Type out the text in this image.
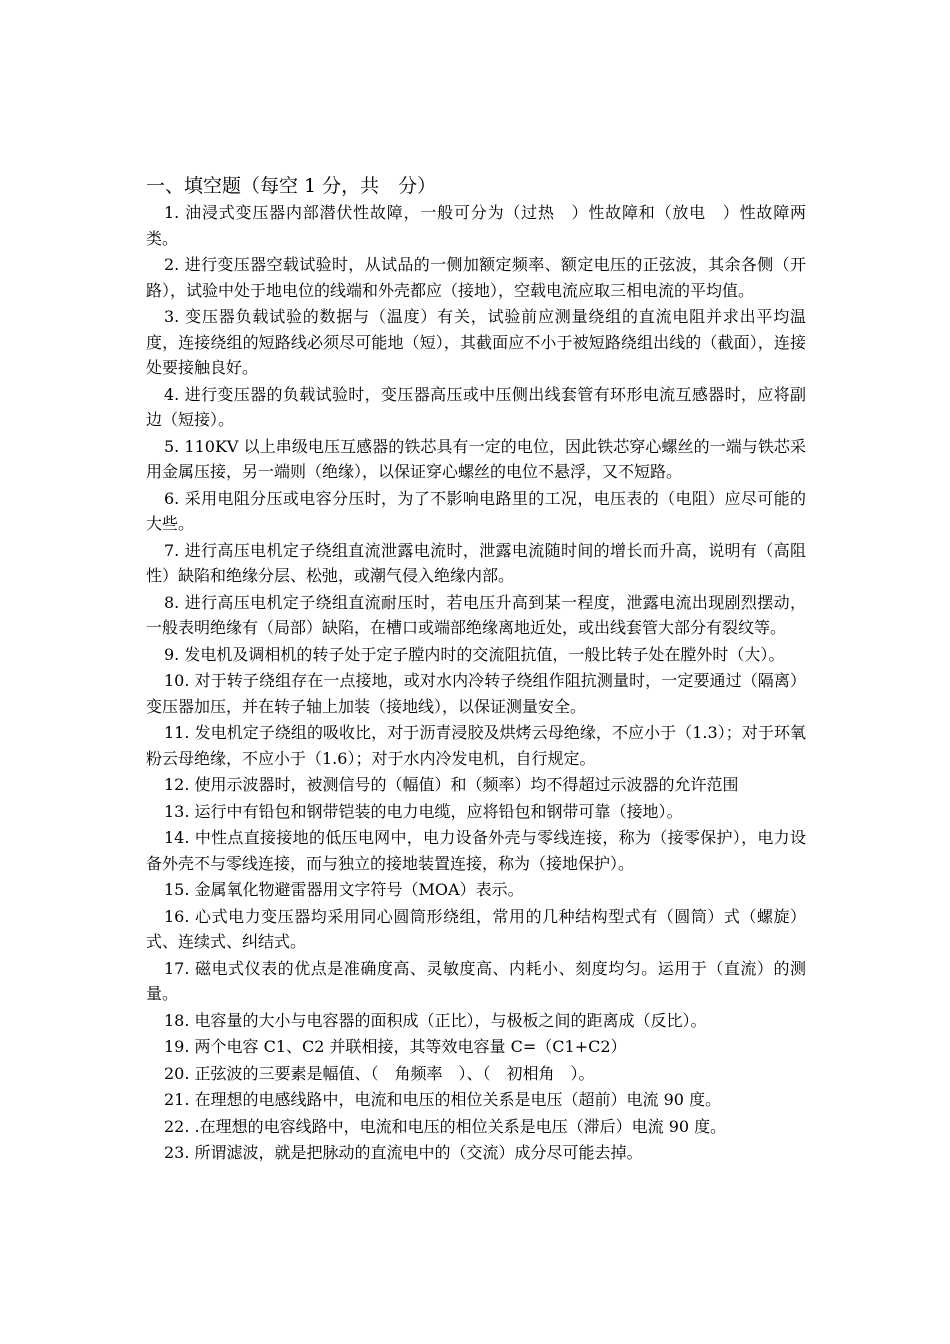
一、填空题（每空 1 分，共　分）
1. 油浸式变压器内部潜伏性故障，一般可分为（过热　）性故障和（放电　）性故障两类。
2. 进行变压器空载试验时，从试品的一侧加额定频率、额定电压的正弦波，其余各侧（开路），试验中处于地电位的线端和外壳都应（接地），空载电流应取三相电流的平均值。
3. 变压器负载试验的数据与（温度）有关，试验前应测量绕组的直流电阻并求出平均温度，连接绕组的短路线必须尽可能地（短），其截面应不小于被短路绕组出线的（截面），连接处要接触良好。
4. 进行变压器的负载试验时，变压器高压或中压侧出线套管有环形电流互感器时，应将副边（短接）。
5. 110KV 以上串级电压互感器的铁芯具有一定的电位，因此铁芯穿心螺丝的一端与铁芯采用金属压接，另一端则（绝缘），以保证穿心螺丝的电位不悬浮，又不短路。
6. 采用电阻分压或电容分压时，为了不影响电路里的工况，电压表的（电阻）应尽可能的大些。
7. 进行高压电机定子绕组直流泄露电流时，泄露电流随时间的增长而升高，说明有（高阻性）缺陷和绝缘分层、松弛，或潮气侵入绝缘内部。
8. 进行高压电机定子绕组直流耐压时，若电压升高到某一程度，泄露电流出现剧烈摆动，一般表明绝缘有（局部）缺陷，在槽口或端部绝缘离地近处，或出线套管大部分有裂纹等。
9. 发电机及调相机的转子处于定子膛内时的交流阻抗值，一般比转子处在膛外时（大）。
10. 对于转子绕组存在一点接地，或对水内冷转子绕组作阻抗测量时，一定要通过（隔离）变压器加压，并在转子轴上加装（接地线），以保证测量安全。
11. 发电机定子绕组的吸收比，对于沥青浸胶及烘烤云母绝缘，不应小于（1.3）；对于环氧粉云母绝缘，不应小于（1.6）；对于水内冷发电机，自行规定。
12. 使用示波器时，被测信号的（幅值）和（频率）均不得超过示波器的允许范围
13. 运行中有铅包和钢带铠装的电力电缆，应将铅包和钢带可靠（接地）。
14. 中性点直接接地的低压电网中，电力设备外壳与零线连接，称为（接零保护），电力设备外壳不与零线连接，而与独立的接地装置连接，称为（接地保护）。
15. 金属氧化物避雷器用文字符号（MOA）表示。
16. 心式电力变压器均采用同心圆筒形绕组，常用的几种结构型式有（圆筒）式（螺旋）式、连续式、纠结式。
17. 磁电式仪表的优点是准确度高、灵敏度高、内耗小、刻度均匀。运用于（直流）的测量。
18. 电容量的大小与电容器的面积成（正比），与极板之间的距离成（反比）。
19. 两个电容 C1、C2 并联相接，其等效电容量 C=（C1+C2）
20. 正弦波的三要素是幅值、（　角频率　）、（　初相角　）。
21. 在理想的电感线路中，电流和电压的相位关系是电压（超前）电流 90 度。
22. .在理想的电容线路中，电流和电压的相位关系是电压（滞后）电流 90 度。
23. 所谓滤波，就是把脉动的直流电中的（交流）成分尽可能去掉。
